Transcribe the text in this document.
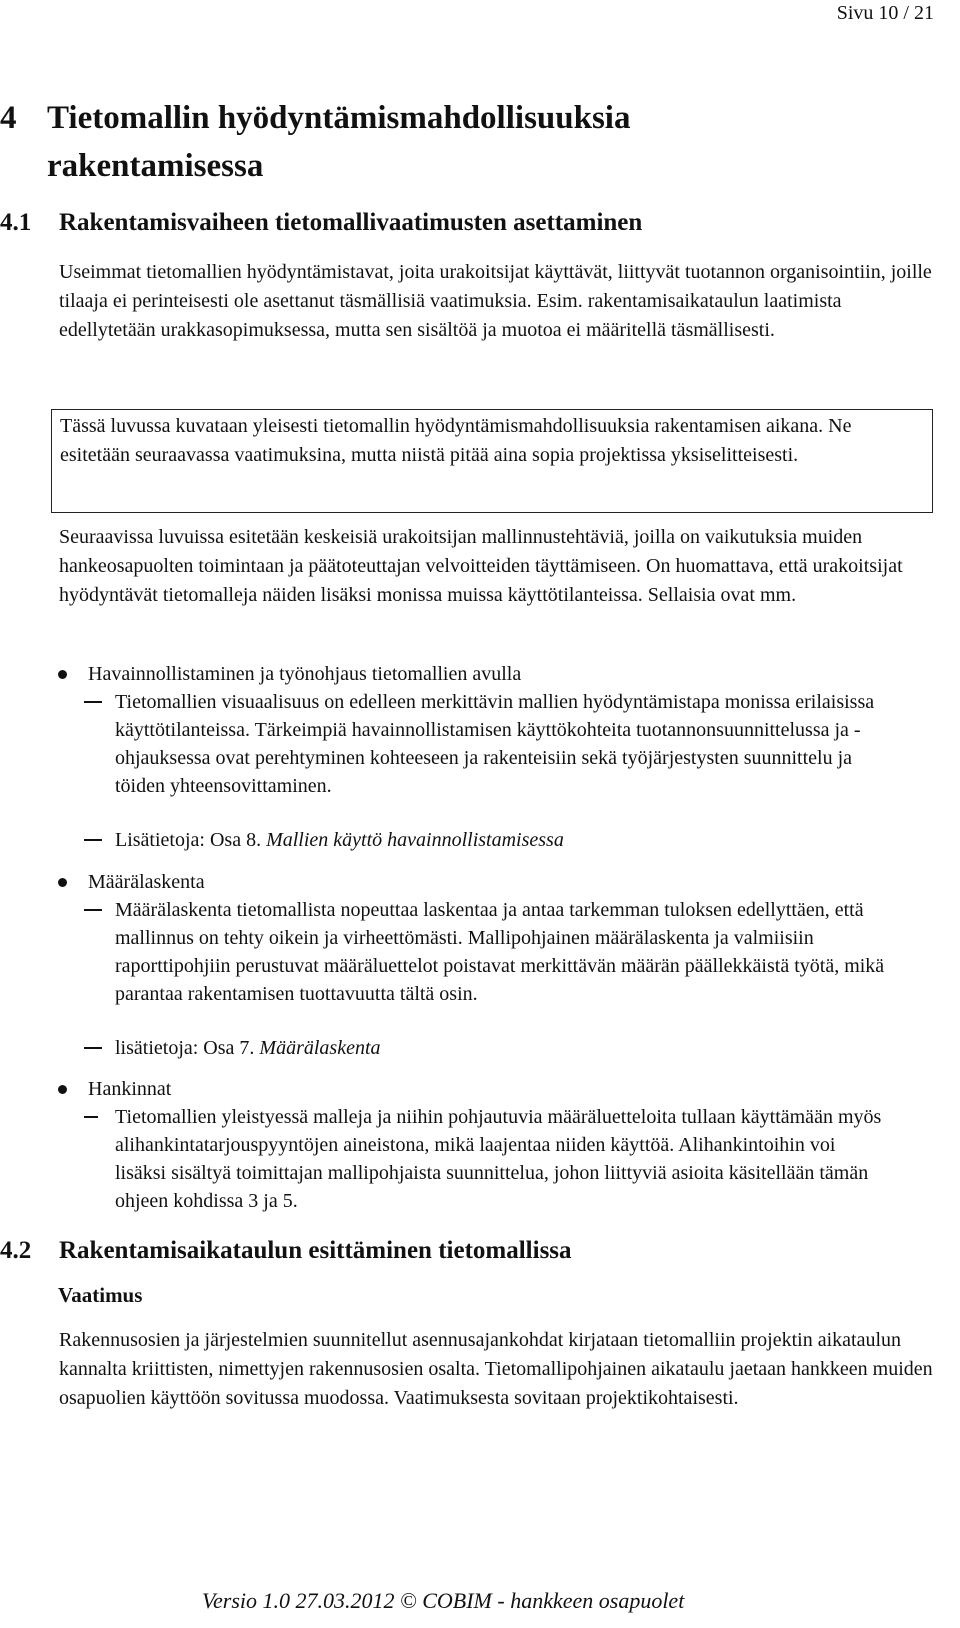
Sivu 10 / 21
4 Tietomallin hyödyntämismahdollisuuksia
rakentamisessa
4.1 Rakentamisvaiheen tietomallivaatimusten asettaminen
Useimmat tietomallien hyödyntämistavat, joita urakoitsijat käyttävät, liittyvät tuotannon organisointiin, joille tilaaja ei perinteisesti ole asettanut täsmällisiä vaatimuksia. Esim. rakentamisaikataulun laatimista edellytetään urakkasopimuksessa, mutta sen sisältöä ja muotoa ei määritellä täsmällisesti.
Tässä luvussa kuvataan yleisesti tietomallin hyödyntämismahdollisuuksia rakentamisen aikana. Ne esitetään seuraavassa vaatimuksina, mutta niistä pitää aina sopia projektissa yksiselitteisesti.
Seuraavissa luvuissa esitetään keskeisiä urakoitsijan mallinnustehtäviä, joilla on vaikutuksia muiden hankeosapuolten toimintaan ja päätoteuttajan velvoitteiden täyttämiseen. On huomattava, että urakoitsijat hyödyntävät tietomalleja näiden lisäksi monissa muissa käyttötilanteissa. Sellaisia ovat mm.
Havainnollistaminen ja työnohjaus tietomallien avulla
Tietomallien visuaalisuus on edelleen merkittävin mallien hyödyntämistapa monissa erilaisissa käyttötilanteissa. Tärkeimpiä havainnollistamisen käyttökohteita tuotannonsuunnittelussa ja -ohjauksessa ovat perehtyminen kohteeseen ja rakenteisiin sekä työjärjestysten suunnittelu ja töiden yhteensovittaminen.
Lisätietoja: Osa 8. Mallien käyttö havainnollistamisessa
Määrälaskenta
Määrälaskenta tietomallista nopeuttaa laskentaa ja antaa tarkemman tuloksen edellyttäen, että mallinnus on tehty oikein ja virheettömästi. Mallipohjainen määrälaskenta ja valmiisiin raporttipohjiin perustuvat määräluettelot poistavat merkittävän määrän päällekkäistä työtä, mikä parantaa rakentamisen tuottavuutta tältä osin.
lisätietoja: Osa 7. Määrälaskenta
Hankinnat
Tietomallien yleistyessä malleja ja niihin pohjautuvia määräluetteloita tullaan käyttämään myös alihankintatarjouspyyntöjen aineistona, mikä laajentaa niiden käyttöä. Alihankintoihin voi lisäksi sisältyä toimittajan mallipohjaista suunnittelua, johon liittyviä asioita käsitellään tämän ohjeen kohdissa 3 ja 5.
4.2 Rakentamisaikataulun esittäminen tietomallissa
Vaatimus
Rakennusosien ja järjestelmien suunnitellut asennusajankohdat kirjataan tietomalliin projektin aikataulun kannalta kriittisten, nimettyjen rakennusosien osalta. Tietomallipohjainen aikataulu jaetaan hankkeen muiden osapuolien käyttöön sovitussa muodossa. Vaatimuksesta sovitaan projektikohtaisesti.
Versio 1.0 27.03.2012 © COBIM - hankkeen osapuolet
